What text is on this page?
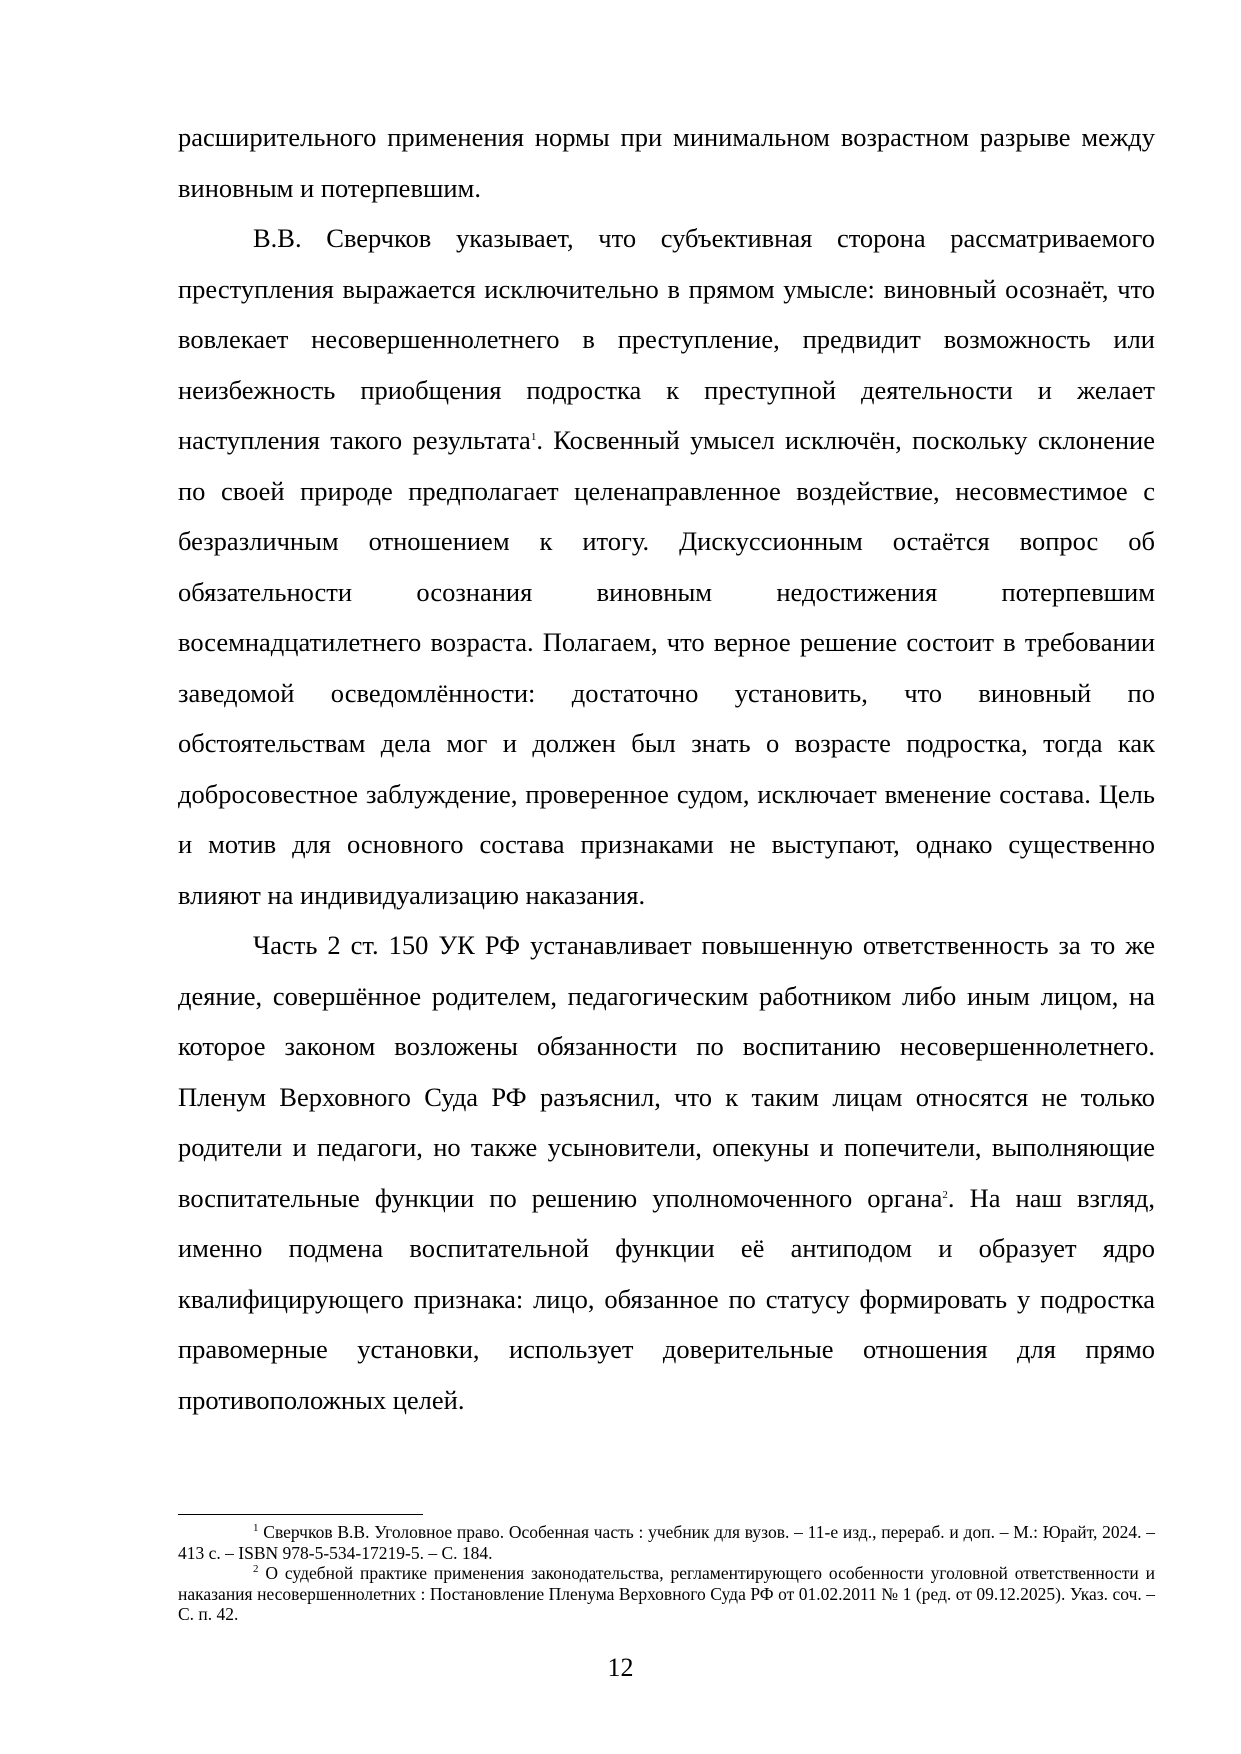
расширительного применения нормы при минимальном возрастном разрыве между виновным и потерпевшим.

В.В. Сверчков указывает, что субъективная сторона рассматриваемого преступления выражается исключительно в прямом умысле: виновный осознаёт, что вовлекает несовершеннолетнего в преступление, предвидит возможность или неизбежность приобщения подростка к преступной деятельности и желает наступления такого результата$^1$. Косвенный умысел исключён, поскольку склонение по своей природе предполагает целенаправленное воздействие, несовместимое с безразличным отношением к итогу. Дискуссионным остаётся вопрос об обязательности осознания виновным недостижения потерпевшим восемнадцатилетнего возраста. Полагаем, что верное решение состоит в требовании заведомой осведомлённости: достаточно установить, что виновный по обстоятельствам дела мог и должен был знать о возрасте подростка, тогда как добросовестное заблуждение, проверенное судом, исключает вменение состава. Цель и мотив для основного состава признаками не выступают, однако существенно влияют на индивидуализацию наказания.

Часть 2 ст. 150 УК РФ устанавливает повышенную ответственность за то же деяние, совершённое родителем, педагогическим работником либо иным лицом, на которое законом возложены обязанности по воспитанию несовершеннолетнего. Пленум Верховного Суда РФ разъяснил, что к таким лицам относятся не только родители и педагоги, но также усыновители, опекуны и попечители, выполняющие воспитательные функции по решению уполномоченного органа$^2$. На наш взгляд, именно подмена воспитательной функции её антиподом и образует ядро квалифицирующего признака: лицо, обязанное по статусу формировать у подростка правомерные установки, использует доверительные отношения для прямо противоположных целей.

$^1$ Сверчков В.В. Уголовное право. Особенная часть : учебник для вузов. – 11-е изд., перераб. и доп. – М.: Юрайт, 2024. – 413 с. – ISBN 978-5-534-17219-5. – С. 184.

$^2$ О судебной практике применения законодательства, регламентирующего особенности уголовной ответственности и наказания несовершеннолетних : Постановление Пленума Верховного Суда РФ от 01.02.2011 № 1 (ред. от 09.12.2025). Указ. соч. – С. п. 42.

12
